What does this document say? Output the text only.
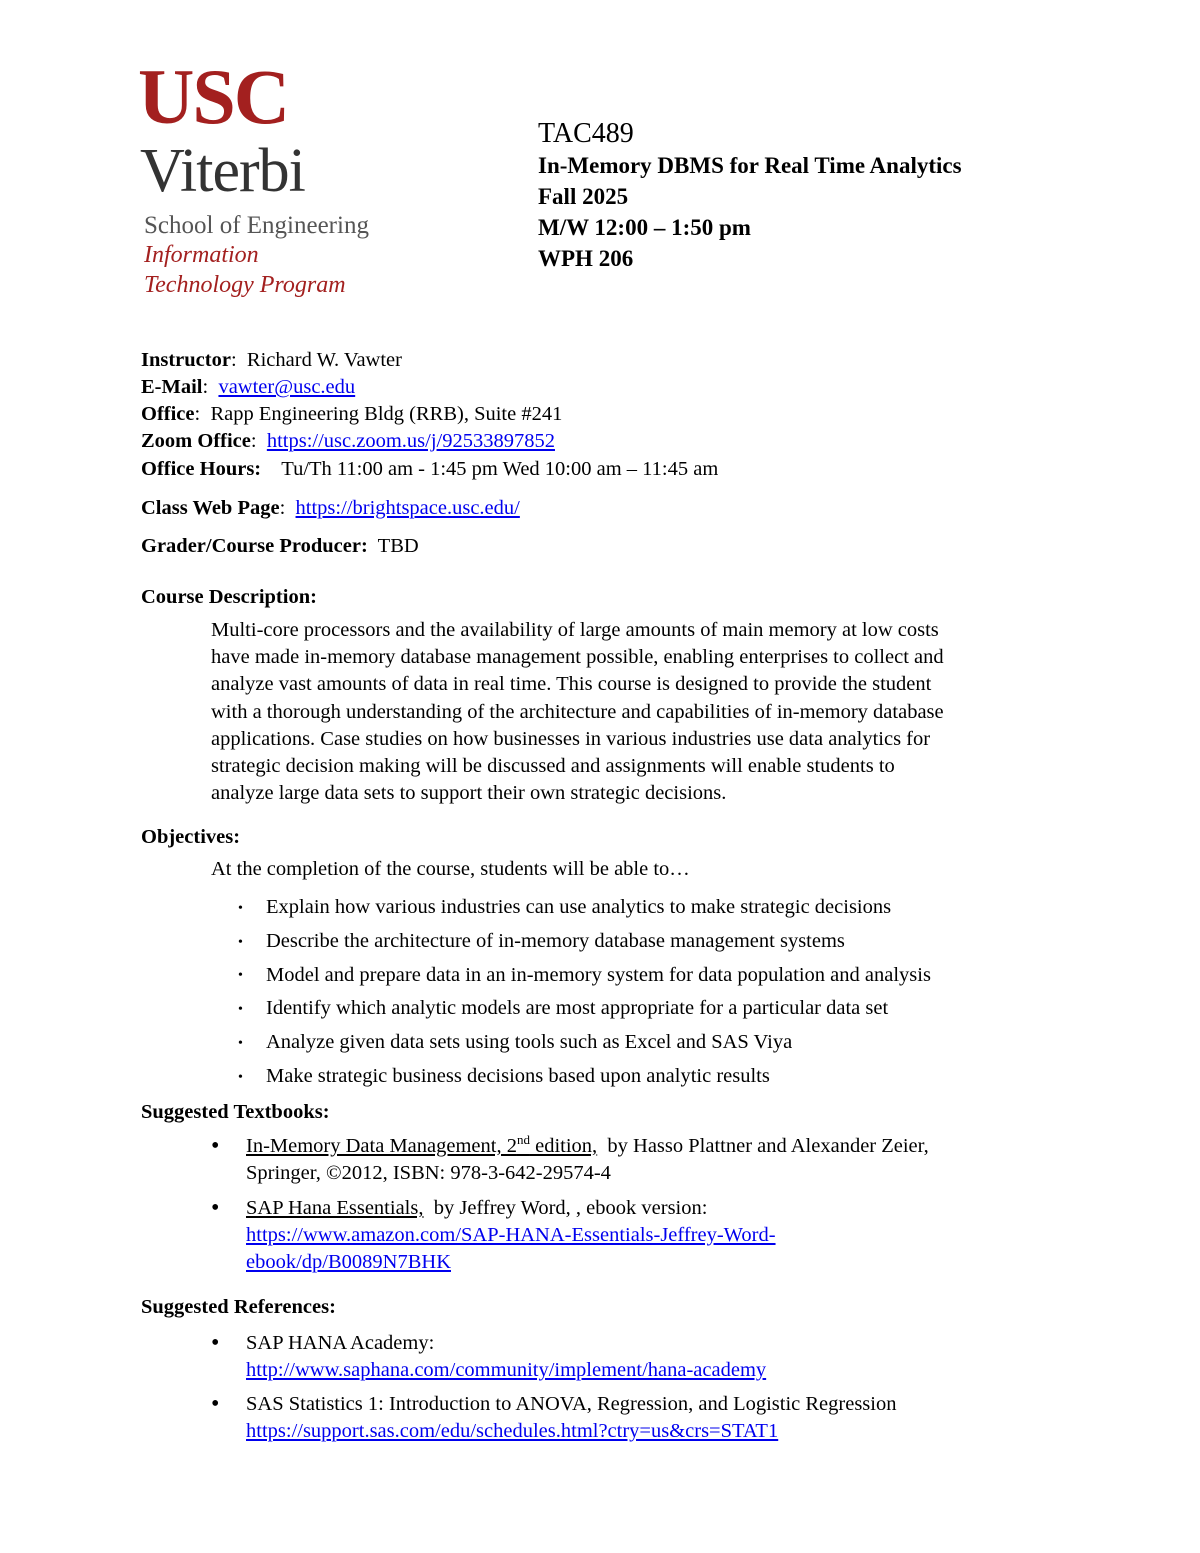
USC
Viterbi
School of Engineering
Information
Technology Program
TAC489
In-Memory DBMS for Real Time Analytics
Fall 2025
M/W 12:00 – 1:50 pm
WPH 206
Instructor:  Richard W. Vawter
E-Mail:  vawter@usc.edu
Office:  Rapp Engineering Bldg (RRB), Suite #241
Zoom Office:  https://usc.zoom.us/j/92533897852
Office Hours: Tu/Th 11:00 am - 1:45 pm Wed 10:00 am – 11:45 am
Class Web Page:  https://brightspace.usc.edu/
Grader/Course Producer: TBD
Course Description:
Multi-core processors and the availability of large amounts of main memory at low costs
have made in-memory database management possible, enabling enterprises to collect and
analyze vast amounts of data in real time. This course is designed to provide the student
with a thorough understanding of the architecture and capabilities of in-memory database
applications. Case studies on how businesses in various industries use data analytics for
strategic decision making will be discussed and assignments will enable students to
analyze large data sets to support their own strategic decisions.
Objectives:
At the completion of the course, students will be able to…
• Explain how various industries can use analytics to make strategic decisions
• Describe the architecture of in-memory database management systems
• Model and prepare data in an in-memory system for data population and analysis
• Identify which analytic models are most appropriate for a particular data set
• Analyze given data sets using tools such as Excel and SAS Viya
• Make strategic business decisions based upon analytic results
Suggested Textbooks:
• In-Memory Data Management, 2nd edition,  by Hasso Plattner and Alexander Zeier,
Springer, ©2012, ISBN: 978-3-642-29574-4
• SAP Hana Essentials,  by Jeffrey Word, , ebook version:
https://www.amazon.com/SAP-HANA-Essentials-Jeffrey-Word-
ebook/dp/B0089N7BHK
Suggested References:
• SAP HANA Academy:
http://www.saphana.com/community/implement/hana-academy
• SAS Statistics 1: Introduction to ANOVA, Regression, and Logistic Regression
https://support.sas.com/edu/schedules.html?ctry=us&crs=STAT1
